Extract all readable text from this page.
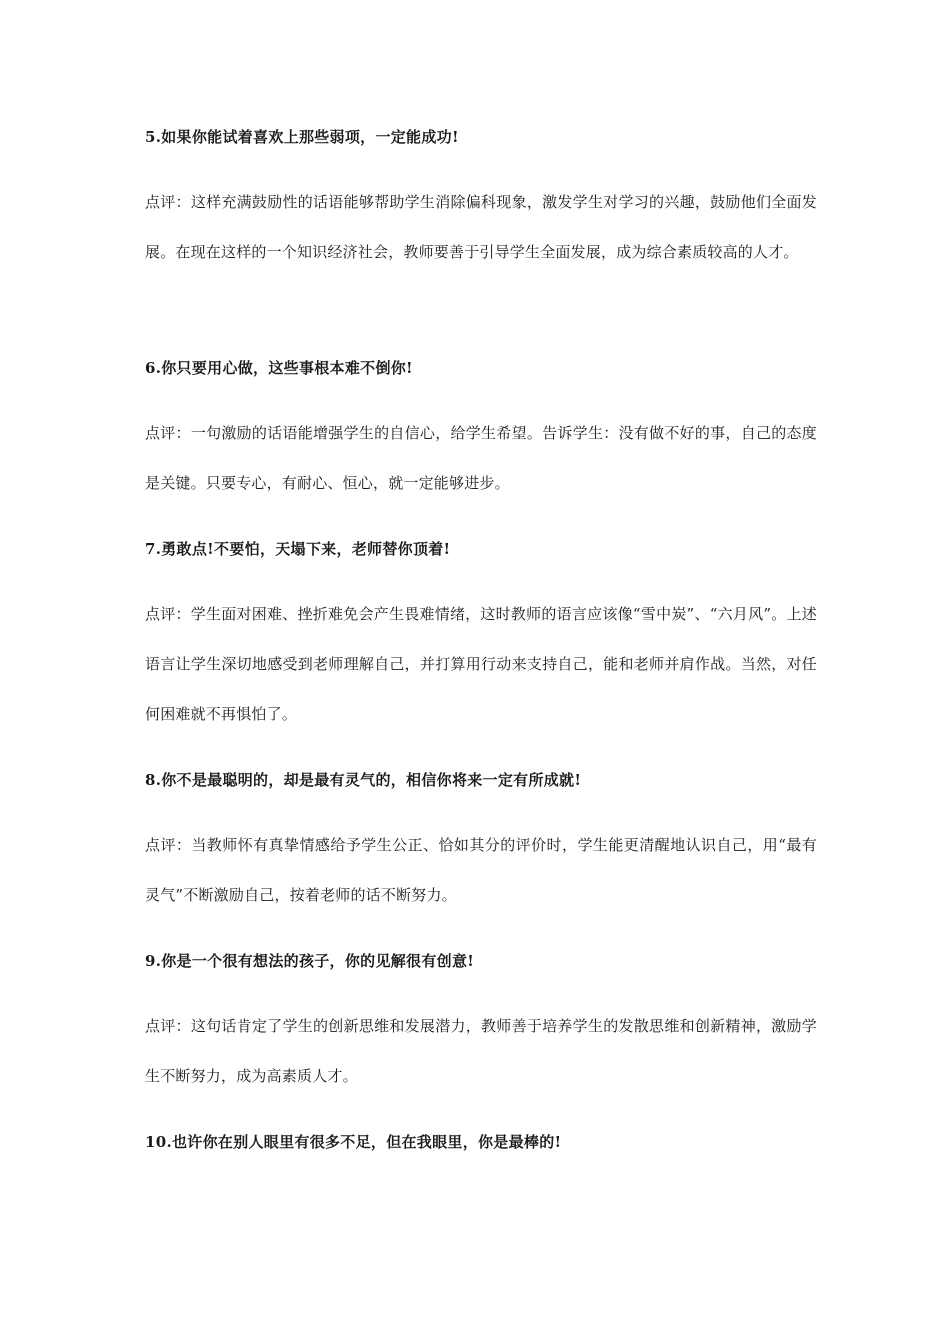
5.如果你能试着喜欢上那些弱项，一定能成功!

点评：这样充满鼓励性的话语能够帮助学生消除偏科现象，激发学生对学习的兴趣，鼓励他们全面发展。在现在这样的一个知识经济社会，教师要善于引导学生全面发展，成为综合素质较高的人才。

6.你只要用心做，这些事根本难不倒你!

点评：一句激励的话语能增强学生的自信心，给学生希望。告诉学生：没有做不好的事，自己的态度是关键。只要专心，有耐心、恒心，就一定能够进步。

7.勇敢点!不要怕，天塌下来，老师替你顶着!

点评：学生面对困难、挫折难免会产生畏难情绪，这时教师的语言应该像“雪中炭”、“六月风”。上述语言让学生深切地感受到老师理解自己，并打算用行动来支持自己，能和老师并肩作战。当然，对任何困难就不再惧怕了。

8.你不是最聪明的，却是最有灵气的，相信你将来一定有所成就!

点评：当教师怀有真挚情感给予学生公正、恰如其分的评价时，学生能更清醒地认识自己，用“最有灵气”不断激励自己，按着老师的话不断努力。

9.你是一个很有想法的孩子，你的见解很有创意!

点评：这句话肯定了学生的创新思维和发展潜力，教师善于培养学生的发散思维和创新精神，激励学生不断努力，成为高素质人才。

10.也许你在别人眼里有很多不足，但在我眼里，你是最棒的!
